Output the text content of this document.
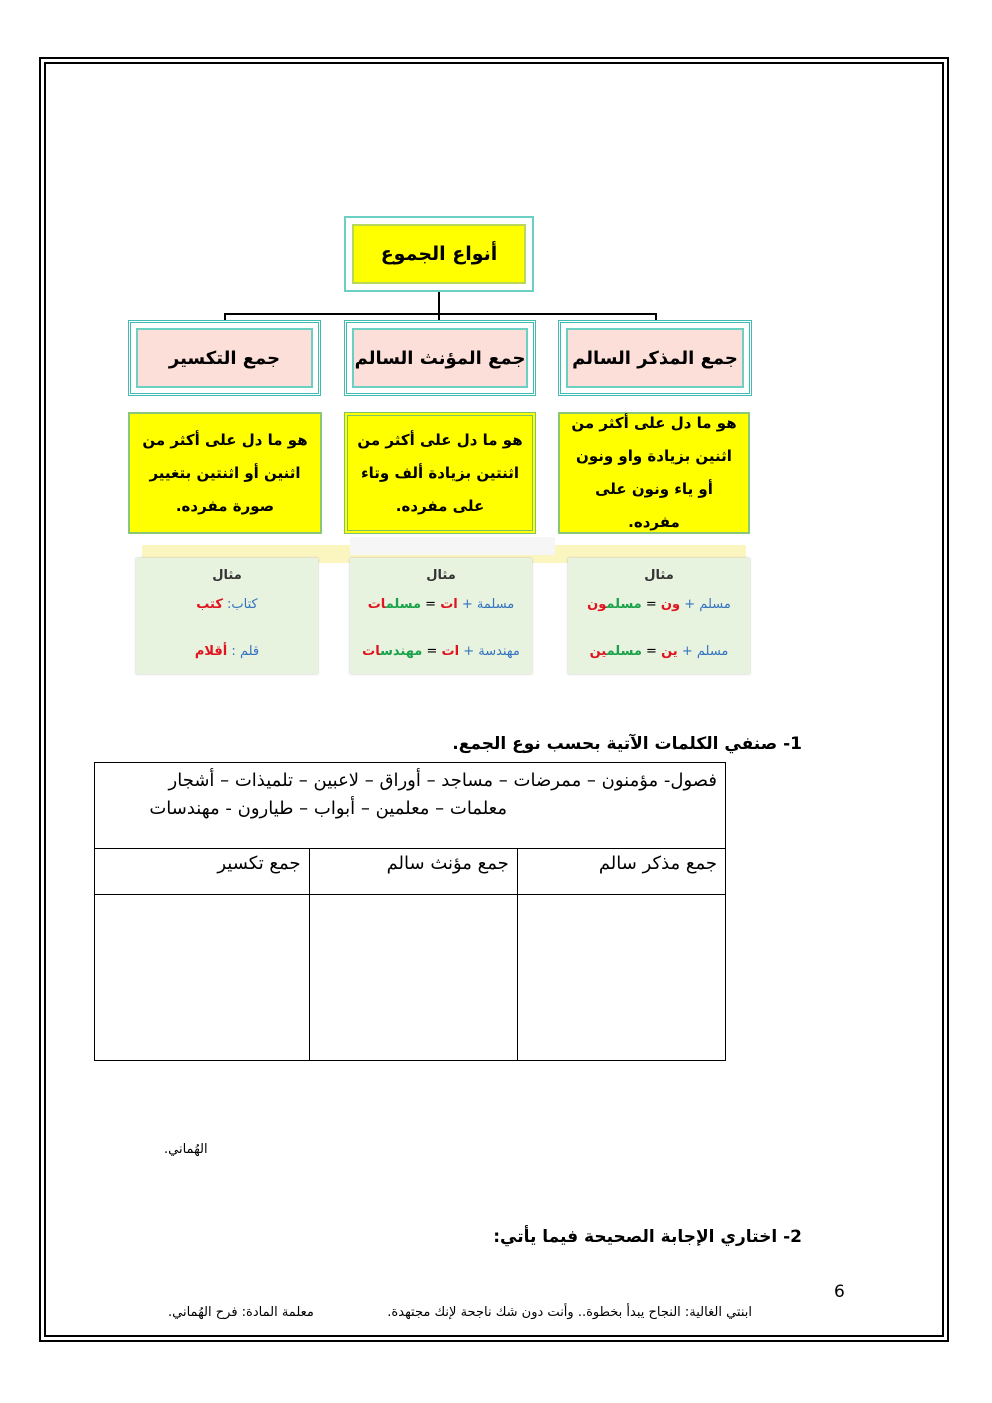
أنواع الجموع
جمع المذكر السالم
جمع المؤنث السالم
جمع التكسير
هو ما دل على أكثر من اثنين بزيادة واو ونون أو ياء ونون على مفرده.
هو ما دل على أكثر من اثنتين بزيادة ألف وتاء على مفرده.
هو ما دل على أكثر من اثنين أو اثنتين بتغيير صورة مفرده.
مثال
مسلم + ون = مسلمون
مسلم + ين = مسلمين
مثال
مسلمة + ات = مسلمات
مهندسة + ات = مهندسات
مثال
كتاب: كتب
قلم : أقلام
1- صنفي الكلمات الآتية بحسب نوع الجمع.
فصول- مؤمنون – ممرضات – مساجد – أوراق – لاعبين – تلميذات – أشجار
معلمات – معلمين – أبواب – طيارون - مهندسات		

جمع مذكر سالم	جمع مؤنث سالم	جمع تكسير

الهُماني.
2- اختاري الإجابة الصحيحة فيما يأتي:
6
ابنتي الغالية: النجاح يبدأ بخطوة.. وأنت دون شك ناجحة لإنك مجتهدة.
معلمة المادة: فرح الهُماني.
